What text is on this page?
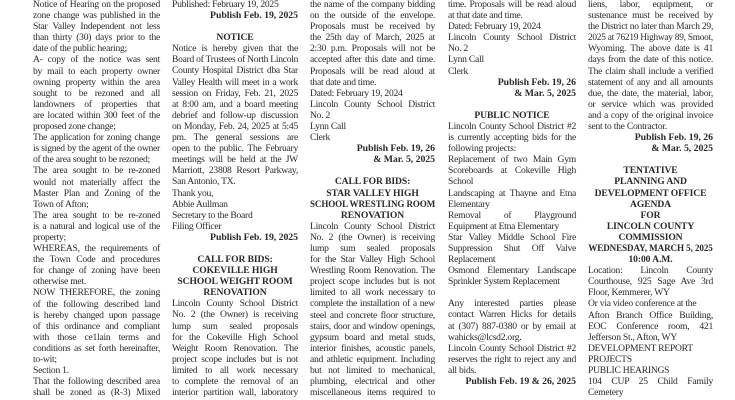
Notice of Hearing on the proposed
zone change was published in the
Star Valley Independent not less
than thirty (30) days prior to the
date of the public hearing;
A- copy of the notice was sent
by mail to each property owner
owning property within the area
sought to be rezoned and all
landowners of properties that
are located within 300 feet of the
proposed zone change;
The application for zoning change
is signed by the agent of the owner
of the area sought to be rezoned;
The area sought to be re-zoned
would not materially affect the
Master Plan and Zoning of the
Town of Afton;
The area sought to be re-zoned
is a natural and logical use of the
property;
WHEREAS, the requirements of
the Town Code and procedures
for change of zoning have been
otherwise met.
NOW THEREFORE, the zoning
of the following described land
is hereby changed upon passage
of this ordinance and compliant
with those ce1lain terms and
conditions as set forth hereinafter,
to-wit;
Section 1.
That the following described area
shall be zoned as (R-3) Mixed
Published: February 19, 2025
Publish Feb. 19, 2025
NOTICE
Notice is hereby given that the
Board of Trustees of North Lincoln
County Hospital District dba Star
Valley Health will meet in a work
session on Friday, Feb. 21, 2025
at 8:00 am, and a board meeting
debrief and follow-up discussion
on Monday, Feb. 24, 2025 at 5:45
pm. The general sessions are
open to the public. The February
meetings will be held at the JW
Marriott, 23808 Resort Parkway,
San Antonio, TX.
Thank you,
Abbie Aullman
Secretary to the Board
Filing Officer
Publish Feb. 19, 2025
CALL FOR BIDS:
COKEVILLE HIGH
SCHOOL WEIGHT ROOM
RENOVATION
Lincoln County School District
No. 2 (the Owner) is receiving
lump sum sealed proposals
for the Cokeville High School
Weight Room Renovation. The
project scope includes but is not
limited to all work necessary
to complete the removal of an
interior partition wall, laboratory
the name of the company bidding
on the outside of the envelope.
Proposals must be received by
the 25th day of March, 2025 at
2:30 p.m. Proposals will not be
accepted after this date and time.
Proposals will be read aloud at
that date and time.
Dated: February 19, 2024
Lincoln County School District
No. 2
Lynn Call
Clerk
Publish Feb. 19, 26
& Mar. 5, 2025
CALL FOR BIDS:
STAR VALLEY HIGH
SCHOOL WRESTLING ROOM
RENOVATION
Lincoln County School District
No. 2 (the Owner) is receiving
lump sum sealed proposals
for the Star Valley High School
Wrestling Room Renovation. The
project scope includes but is not
limited to all work necessary to
complete the installation of a new
steel and concrete floor structure,
stairs, door and window openings,
gypsum board and metal studs,
interior finishes, acoustic panels,
and athletic equipment. Including
but not limited to mechanical,
plumbing, electrical and other
miscellaneous items required to
time. Proposals will be read aloud
at that date and time.
Dated: February 19, 2024
Lincoln County School District
No. 2
Lynn Call
Clerk
Publish Feb. 19, 26
& Mar. 5, 2025
PUBLIC NOTICE
Lincoln County School District #2
is currently accepting bids for the
following projects:
Replacement of two Main Gym
Scoreboards at Cokeville High
School
Landscaping at Thayne and Etna
Elementary
Removal of Playground
Equipment at Etna Elementary
Star Valley Middle School Fire
Suppression Shut Off Valve
Replacement
Osmond Elementary Landscape
Sprinkler System Replacement
Any interested parties please
contact Warren Hicks for details
at (307) 887-0380 or by email at
wahicks@lcsd2.org.
Lincoln County School District #2
reserves the right to reject any and
all bids.
Publish Feb. 19 & 26, 2025
liens, labor, equipment, or
sustenance must be received by
the District no later than March 29,
2025 at 76219 Highway 89, Smoot,
Wyoming. The above date is 41
days from the date of this notice.
The claim shall include a verified
statement of any and all amounts
due, the date, the material, labor,
or service which was provided
and a copy of the original invoice
sent to the Contractor.
Publish Feb. 19, 26
& Mar. 5, 2025
TENTATIVE
PLANNING AND
DEVELOPMENT OFFICE
AGENDA
FOR
LINCOLN COUNTY
COMMISSION
WEDNESDAY, MARCH 5, 2025
10:00 A.M.
Location: Lincoln County
Courthouse, 925 Sage Ave 3rd
Floor, Kemmerer, WY
Or via video conference at the
Afton Branch Office Building,
EOC Conference room, 421
Jefferson St., Afton, WY
DEVELOPMENT REPORT
PROJECTS
PUBLIC HEARINGS
104 CUP 25 Child Family
Cemetery
